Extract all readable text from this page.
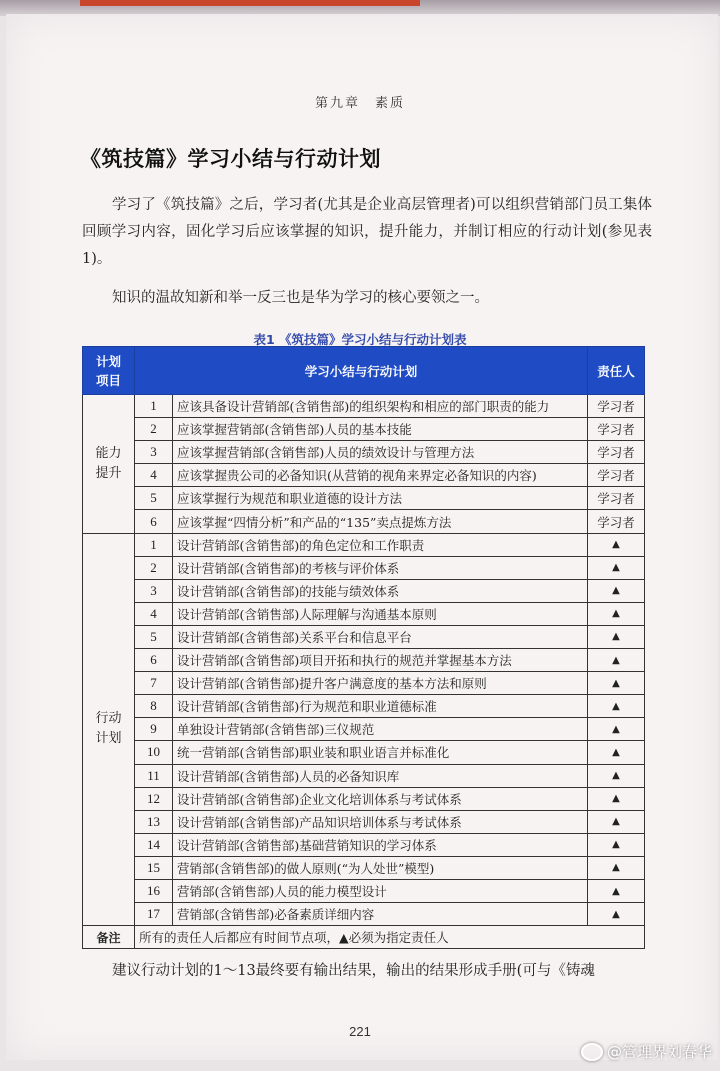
第九章　素质
《筑技篇》学习小结与行动计划
学习了《筑技篇》之后，学习者(尤其是企业高层管理者)可以组织营销部门员工集体回顾学习内容，固化学习后应该掌握的知识，提升能力，并制订相应的行动计划(参见表1)。
知识的温故知新和举一反三也是华为学习的核心要领之一。
表1 《筑技篇》学习小结与行动计划表
计划
项目	学习小结与行动计划		责任人
能力 提升	1	应该具备设计营销部(含销售部)的组织架构和相应的部门职责的能力	学习者
	2	应该掌握营销部(含销售部)人员的基本技能	学习者
	3	应该掌握营销部(含销售部)人员的绩效设计与管理方法	学习者
	4	应该掌握贵公司的必备知识(从营销的视角来界定必备知识的内容)	学习者
	5	应该掌握行为规范和职业道德的设计方法	学习者
	6	应该掌握“四情分析”和产品的“135”卖点提炼方法	学习者
行动 计划	1	设计营销部(含销售部)的角色定位和工作职责	▲
	2	设计营销部(含销售部)的考核与评价体系	▲
	3	设计营销部(含销售部)的技能与绩效体系	▲
	4	设计营销部(含销售部)人际理解与沟通基本原则	▲
	5	设计营销部(含销售部)关系平台和信息平台	▲
	6	设计营销部(含销售部)项目开拓和执行的规范并掌握基本方法	▲
	7	设计营销部(含销售部)提升客户满意度的基本方法和原则	▲
	8	设计营销部(含销售部)行为规范和职业道德标准	▲
	9	单独设计营销部(含销售部)三仪规范	▲
	10	统一营销部(含销售部)职业装和职业语言并标准化	▲
	11	设计营销部(含销售部)人员的必备知识库	▲
	12	设计营销部(含销售部)企业文化培训体系与考试体系	▲
	13	设计营销部(含销售部)产品知识培训体系与考试体系	▲
	14	设计营销部(含销售部)基础营销知识的学习体系	▲
	15	营销部(含销售部)的做人原则(“为人处世”模型)	▲
	16	营销部(含销售部)人员的能力模型设计	▲
	17	营销部(含销售部)必备素质详细内容	▲
备注	所有的责任人后都应有时间节点项，▲必须为指定责任人		
建议行动计划的1～13最终要有输出结果，输出的结果形成手册(可与《铸魂
221
@管理界刘春华
